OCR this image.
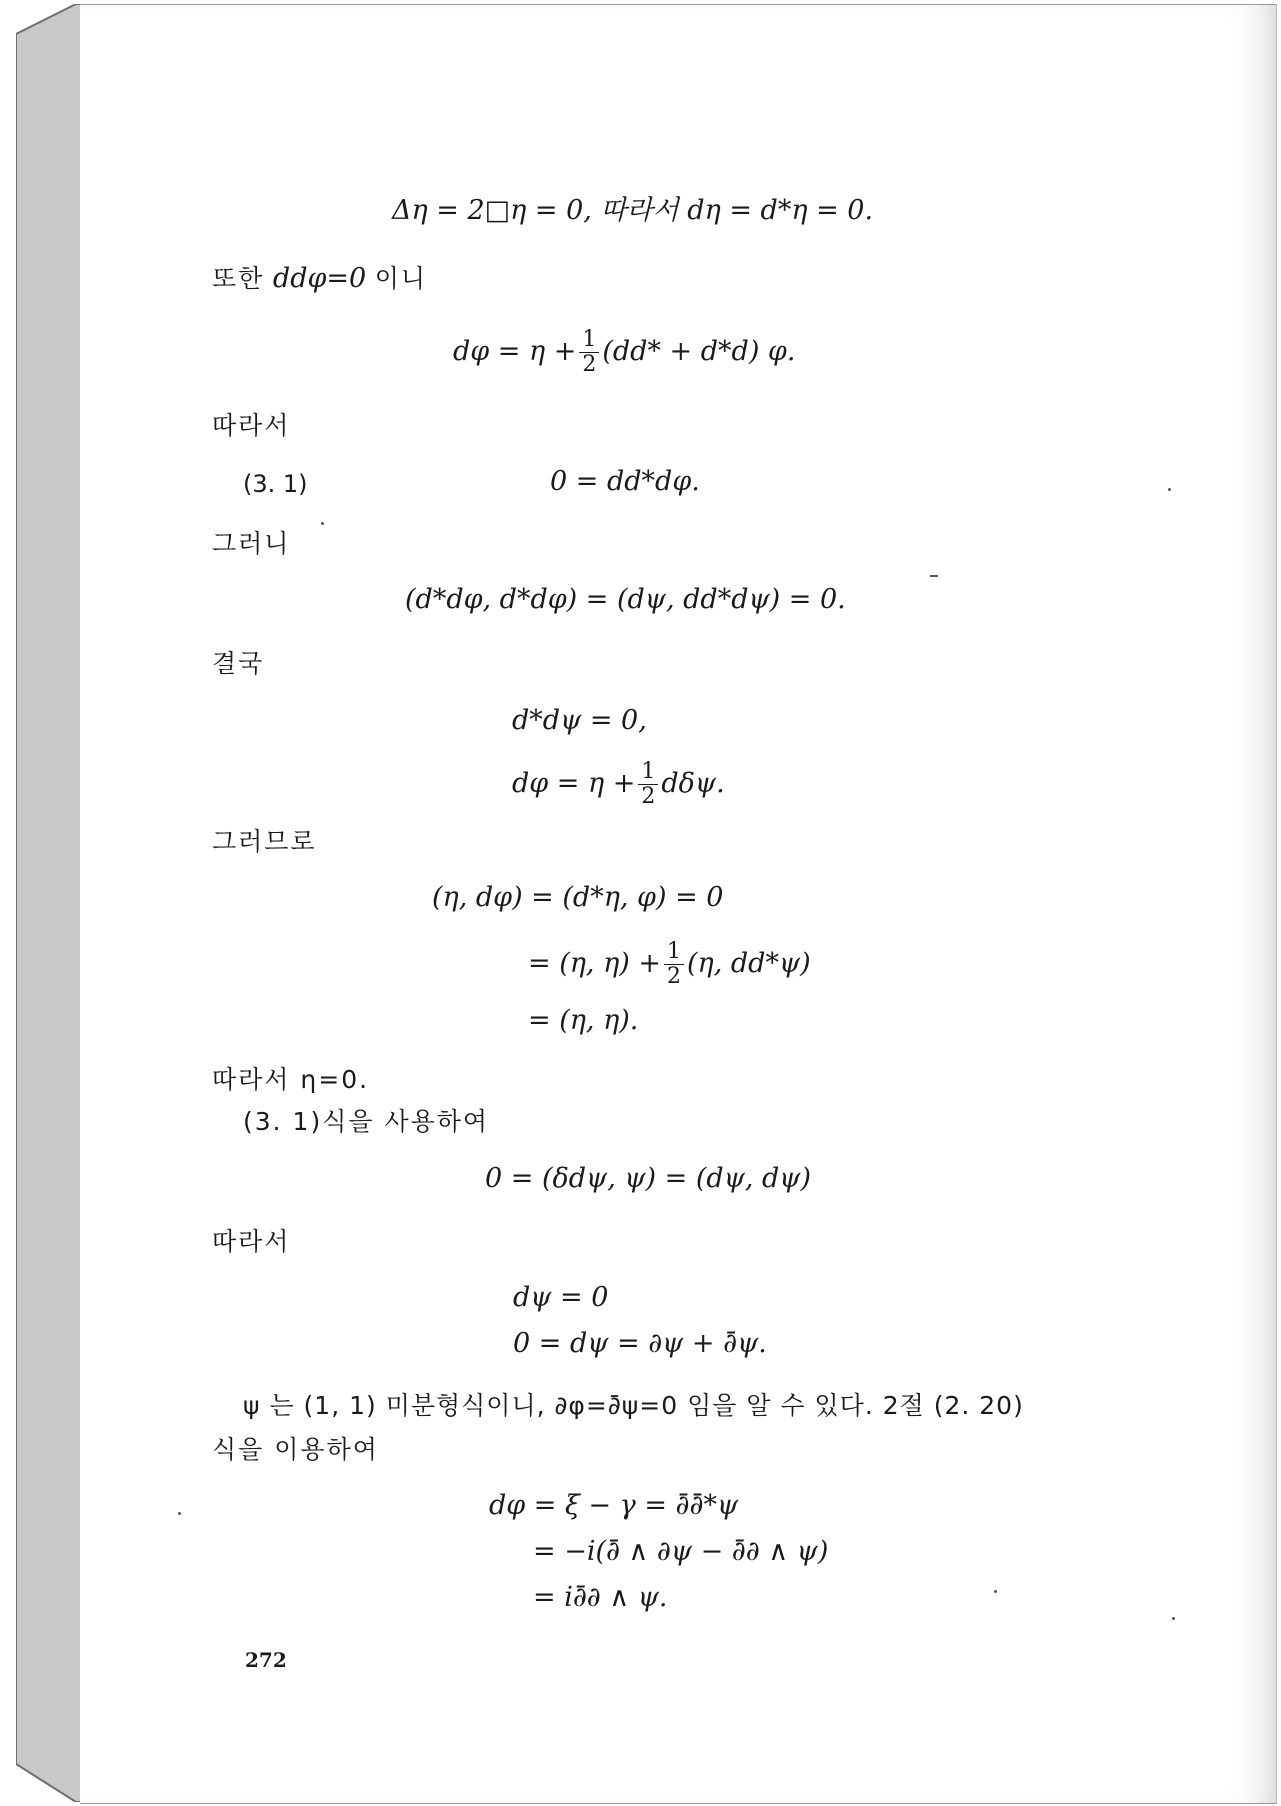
Δη = 2□η = 0, 따라서 dη = d*η = 0.
또한 ddφ=0 이니
$d\varphi = \eta + \frac{1}{2} (dd* + d*d)$ φ.
따라서
(3. 1)	0 = dd*dφ.
그러니
(d*dφ, d*dφ) = (dψ, dd*dψ) = 0.
결국
d*dψ = 0,
$d\varphi = \eta + \frac{1}{2} d\delta\psi$.
그러므로
(η, dφ) = (d*η, φ) = 0
= (η, $\eta) + \frac{1}{2} (\eta$, dd*ψ)
= (η, η).
따라서 η=0.
(3. 1)식을 사용하여
0 = (δdψ, ψ) = (dψ, dψ)
따라서
dψ = 0
0 = dψ = ∂ψ + ∂̄ψ.
ψ 는 (1, 1) 미분형식이니, ∂φ=∂̄ψ=0 임을 알 수 있다. 2절 (2. 20)
식을 이용하여
dφ = ξ − γ = ∂̄∂̄*ψ
= −i(∂̄ ∧ ∂ψ − ∂̄∂ ∧ ψ)
= i∂̄∂ ∧ ψ.
272
